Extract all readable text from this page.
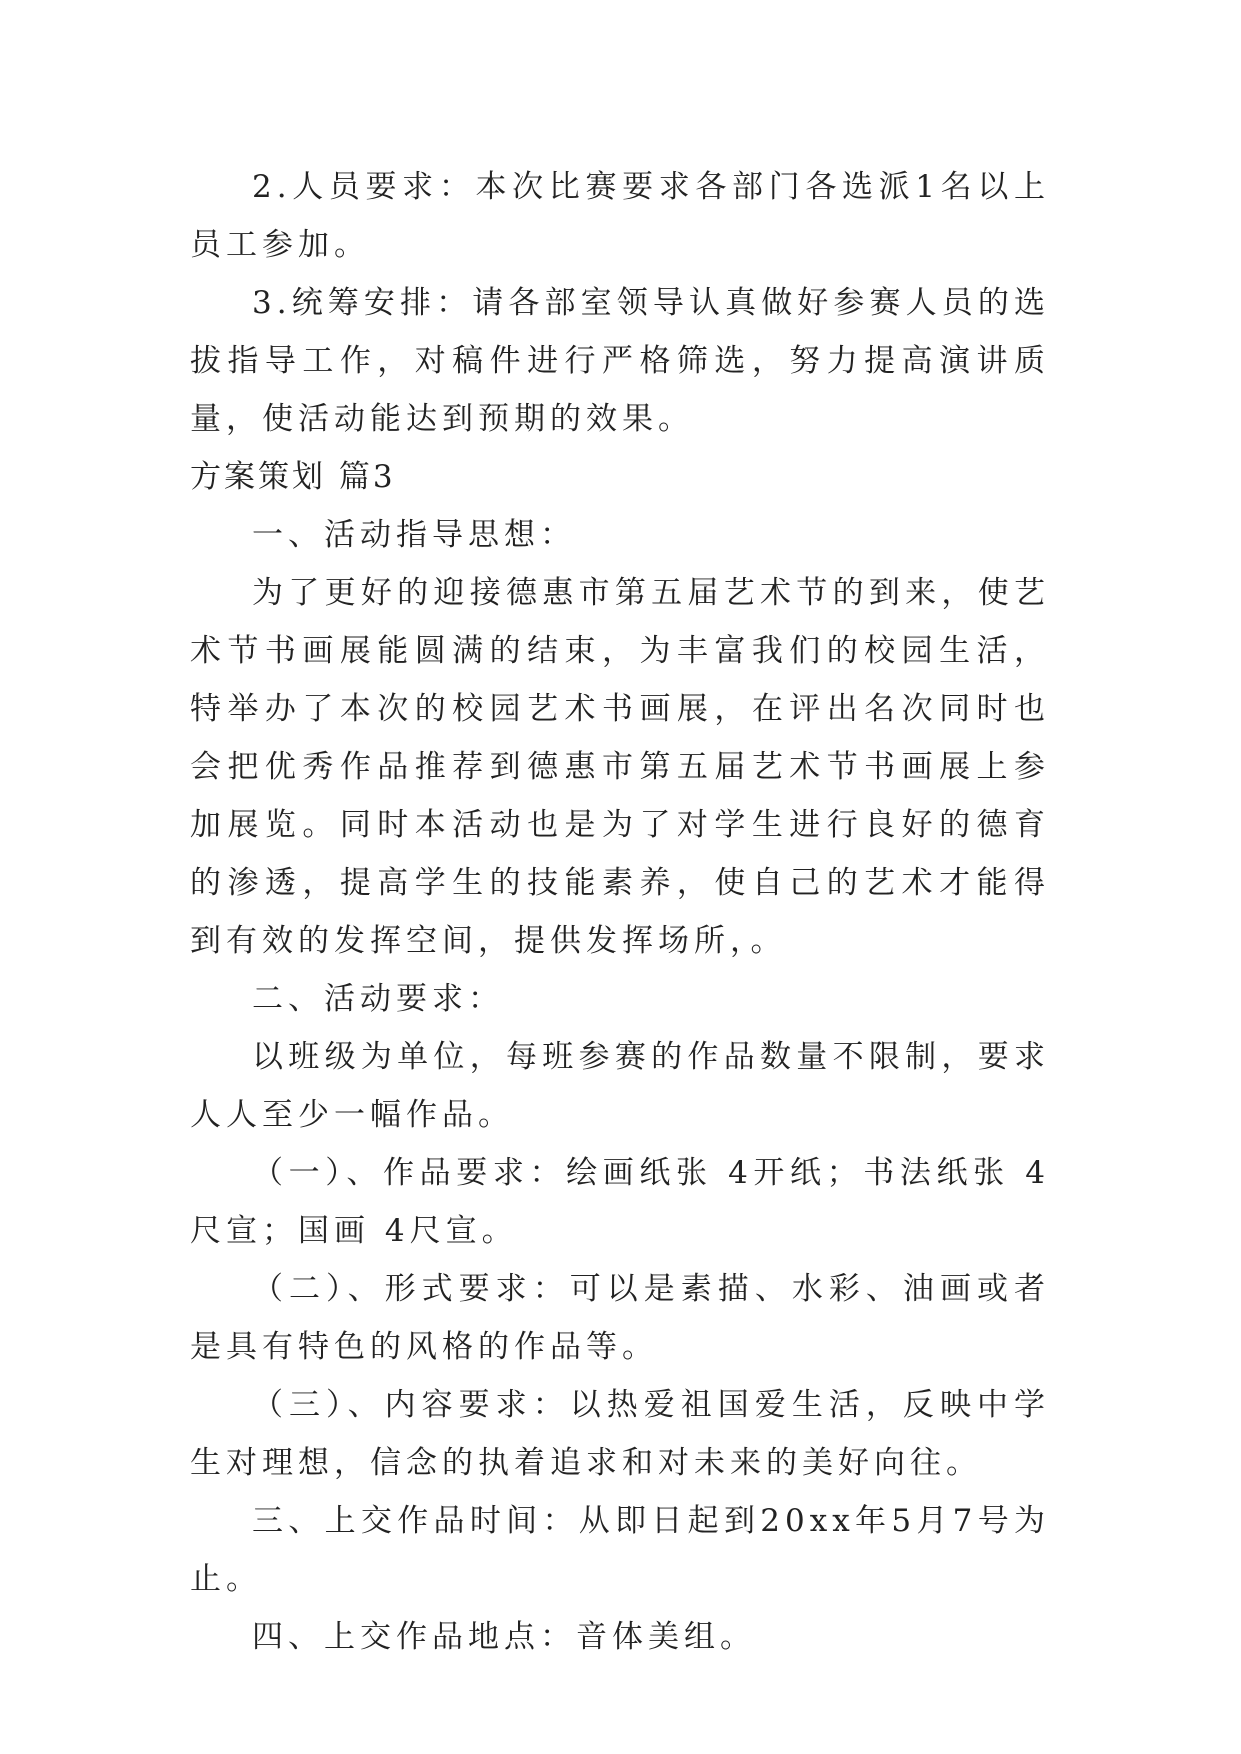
2.人员要求：本次比赛要求各部门各选派1名以上员工参加。

3.统筹安排：请各部室领导认真做好参赛人员的选拔指导工作，对稿件进行严格筛选，努力提高演讲质量，使活动能达到预期的效果。

方案策划 篇3

一、活动指导思想：

为了更好的迎接德惠市第五届艺术节的到来，使艺术节书画展能圆满的结束，为丰富我们的校园生活，特举办了本次的校园艺术书画展，在评出名次同时也会把优秀作品推荐到德惠市第五届艺术节书画展上参加展览。同时本活动也是为了对学生进行良好的德育的渗透，提高学生的技能素养，使自己的艺术才能得到有效的发挥空间，提供发挥场所，。

二、活动要求：

以班级为单位，每班参赛的作品数量不限制，要求人人至少一幅作品。

（一）、作品要求：绘画纸张 4开纸；书法纸张 4尺宣；国画 4尺宣。

（二）、形式要求：可以是素描、水彩、油画或者是具有特色的风格的作品等。

（三）、内容要求：以热爱祖国爱生活，反映中学生对理想，信念的执着追求和对未来的美好向往。

三、上交作品时间：从即日起到20xx年5月7号为止。

四、上交作品地点：音体美组。
